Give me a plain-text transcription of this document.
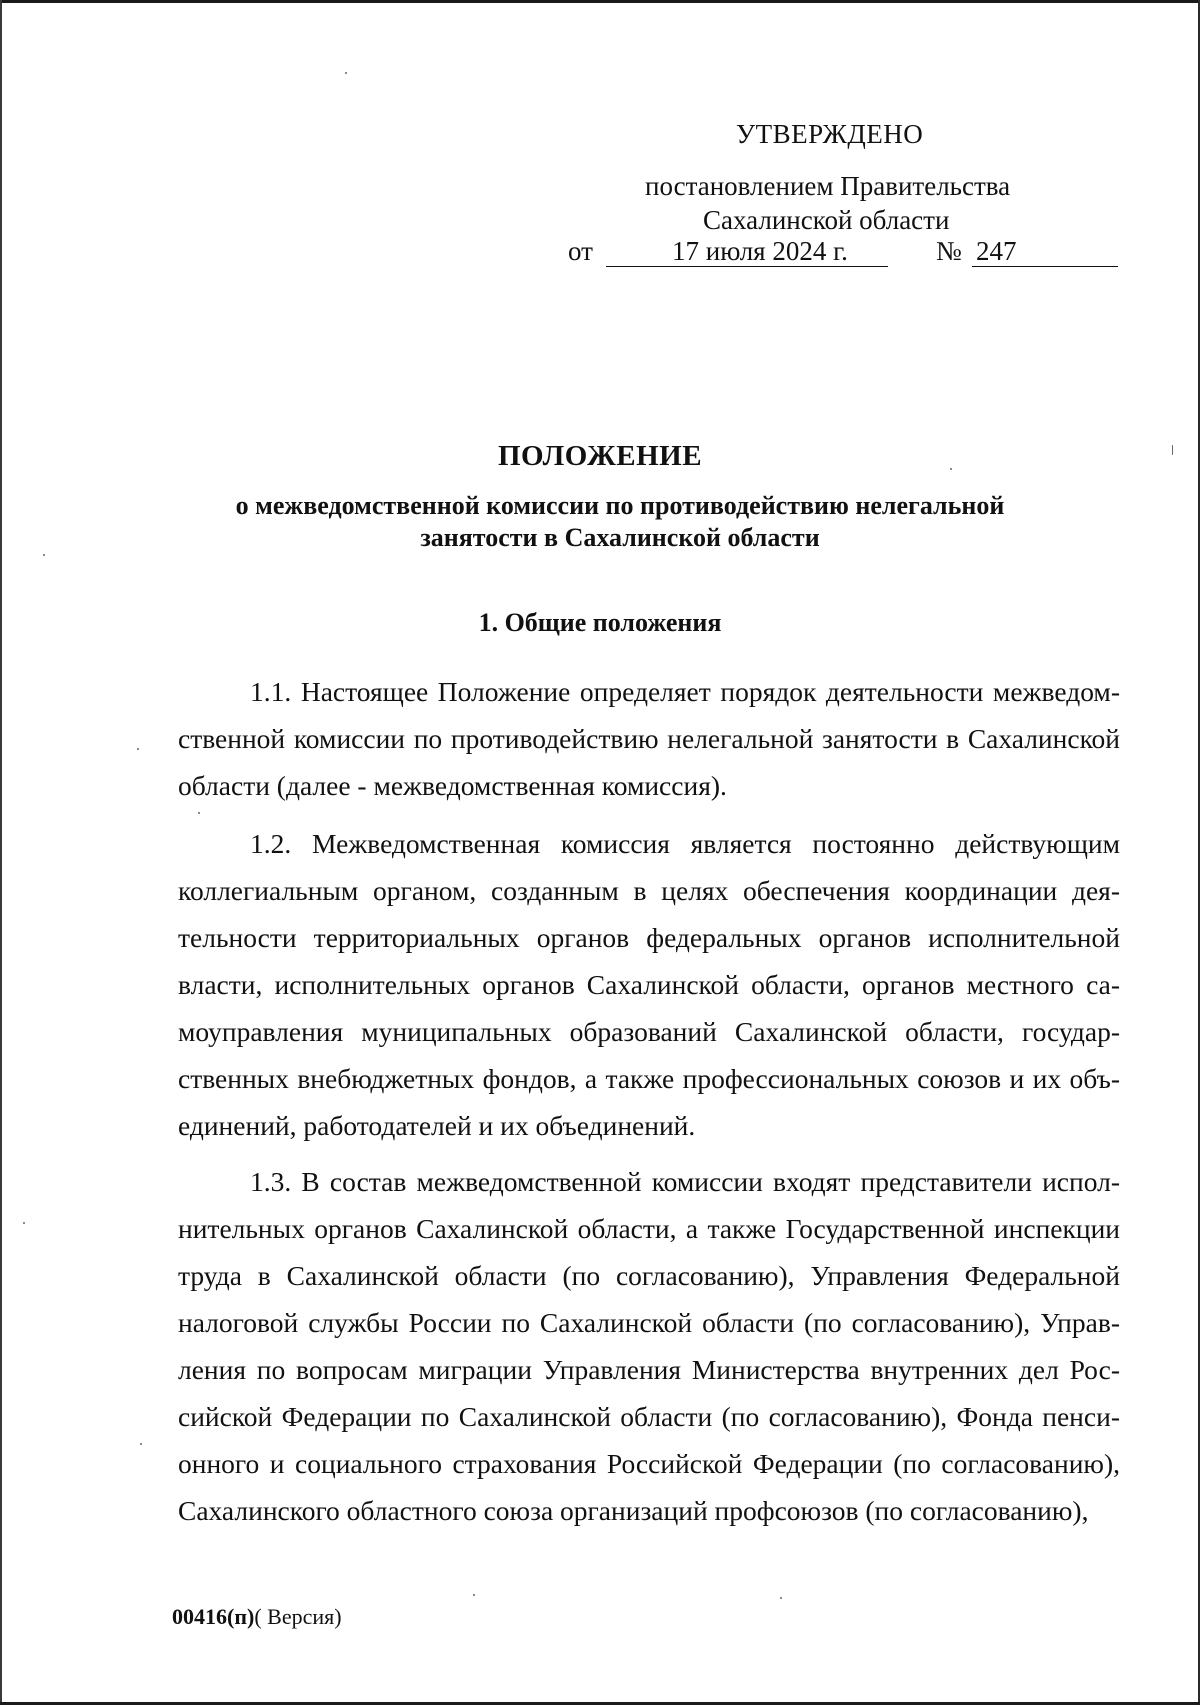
УТВЕРЖДЕНО
постановлением Правительства
Сахалинской области
от	17 июля 2024 г.	№ 247
ПОЛОЖЕНИЕ
о межведомственной комиссии по противодействию нелегальной
занятости в Сахалинской области
1. Общие положения

1.1. Настоящее Положение определяет порядок деятельности межведомственной комиссии по противодействию нелегальной занятости в Сахалинской области (далее - межведомственная комиссия).

1.2. Межведомственная комиссия является постоянно действующим коллегиальным органом, созданным в целях обеспечения координации деятельности территориальных органов федеральных органов исполнительной власти, исполнительных органов Сахалинской области, органов местного самоуправления муниципальных образований Сахалинской области, государственных внебюджетных фондов, а также профессиональных союзов и их объединений, работодателей и их объединений.

1.3. В состав межведомственной комиссии входят представители исполнительных органов Сахалинской области, а также Государственной инспекции труда в Сахалинской области (по согласованию), Управления Федеральной налоговой службы России по Сахалинской области (по согласованию), Управления по вопросам миграции Управления Министерства внутренних дел Российской Федерации по Сахалинской области (по согласованию), Фонда пенсионного и социального страхования Российской Федерации (по согласованию), Сахалинского областного союза организаций профсоюзов (по согласованию),

00416(п)( Версия)
